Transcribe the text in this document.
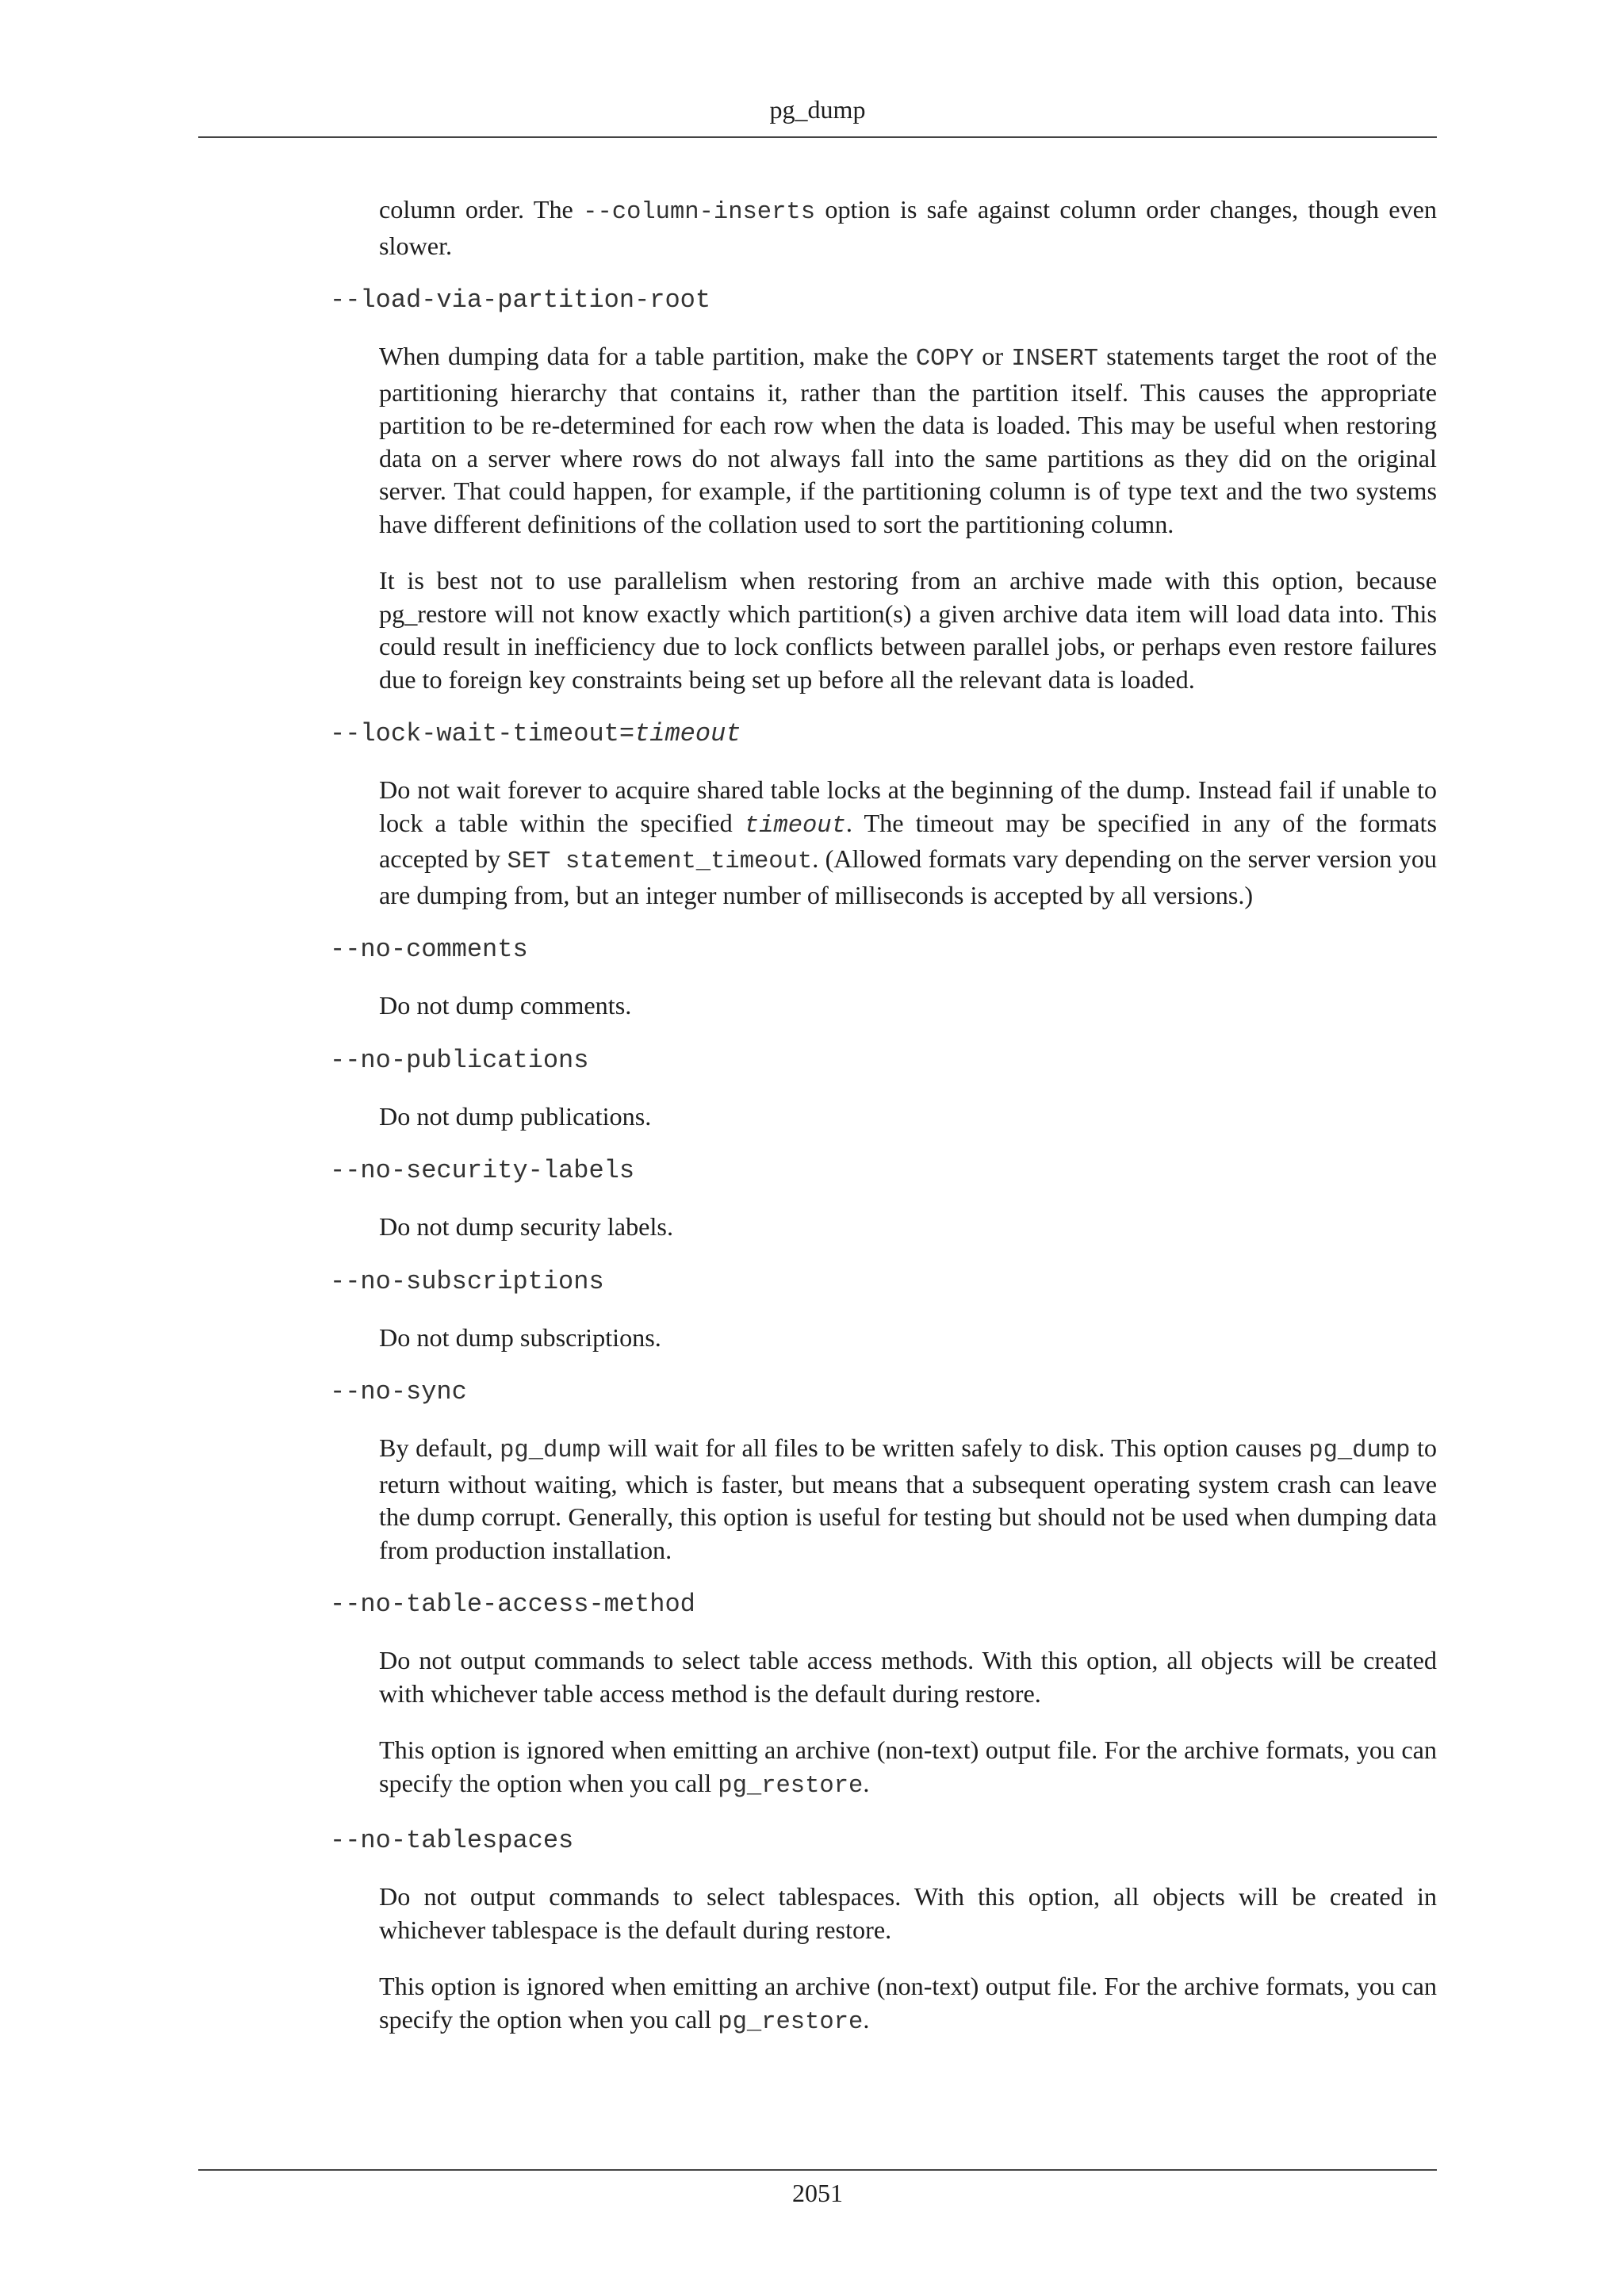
pg_dump

column order. The --column-inserts option is safe against column order changes, though even slower.

--load-via-partition-root

When dumping data for a table partition, make the COPY or INSERT statements target the root of the partitioning hierarchy that contains it, rather than the partition itself. This causes the appropriate partition to be re-determined for each row when the data is loaded. This may be useful when restoring data on a server where rows do not always fall into the same partitions as they did on the original server. That could happen, for example, if the partitioning column is of type text and the two systems have different definitions of the collation used to sort the partitioning column.

It is best not to use parallelism when restoring from an archive made with this option, because pg_restore will not know exactly which partition(s) a given archive data item will load data into. This could result in inefficiency due to lock conflicts between parallel jobs, or perhaps even restore failures due to foreign key constraints being set up before all the relevant data is loaded.

--lock-wait-timeout=timeout

Do not wait forever to acquire shared table locks at the beginning of the dump. Instead fail if unable to lock a table within the specified timeout. The timeout may be specified in any of the formats accepted by SET statement_timeout. (Allowed formats vary depending on the server version you are dumping from, but an integer number of milliseconds is accepted by all versions.)

--no-comments

Do not dump comments.

--no-publications

Do not dump publications.

--no-security-labels

Do not dump security labels.

--no-subscriptions

Do not dump subscriptions.

--no-sync

By default, pg_dump will wait for all files to be written safely to disk. This option causes pg_dump to return without waiting, which is faster, but means that a subsequent operating system crash can leave the dump corrupt. Generally, this option is useful for testing but should not be used when dumping data from production installation.

--no-table-access-method

Do not output commands to select table access methods. With this option, all objects will be created with whichever table access method is the default during restore.

This option is ignored when emitting an archive (non-text) output file. For the archive formats, you can specify the option when you call pg_restore.

--no-tablespaces

Do not output commands to select tablespaces. With this option, all objects will be created in whichever tablespace is the default during restore.

This option is ignored when emitting an archive (non-text) output file. For the archive formats, you can specify the option when you call pg_restore.

2051
